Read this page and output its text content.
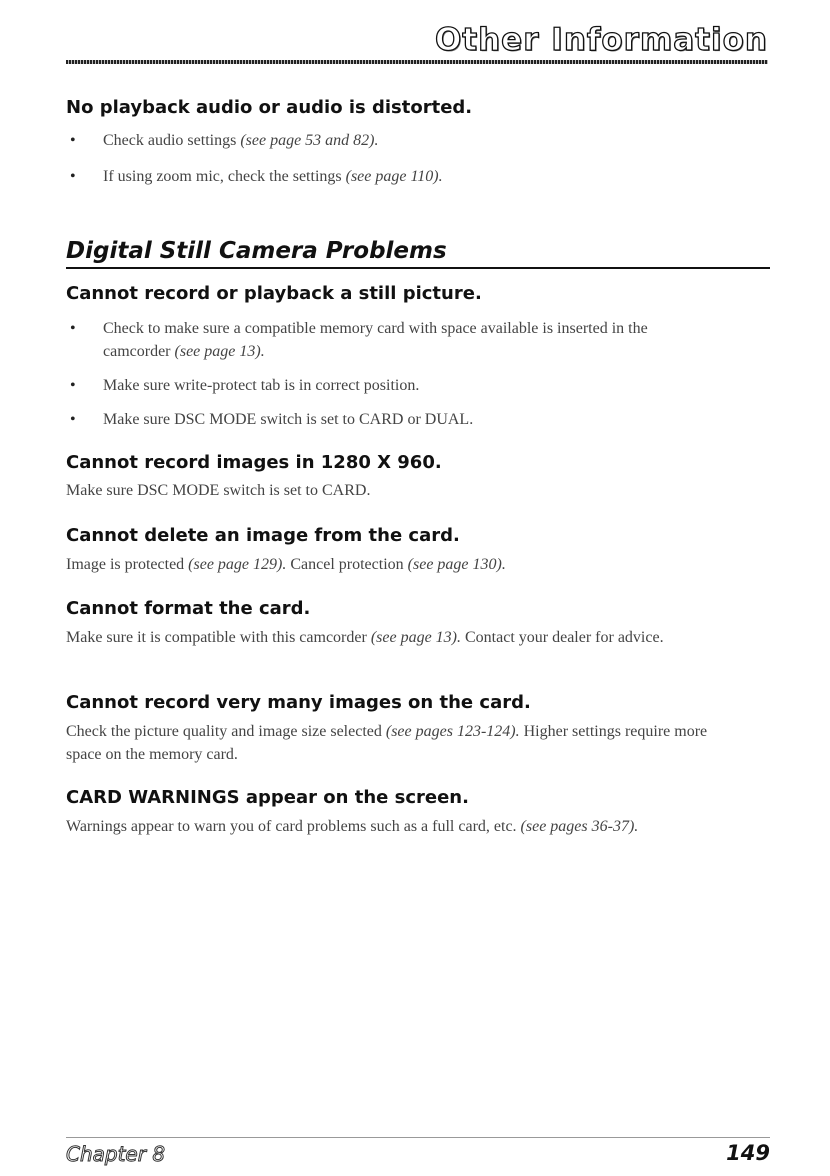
Other Information
No playback audio or audio is distorted.
• Check audio settings (see page 53 and 82).
• If using zoom mic, check the settings (see page 110).
Digital Still Camera Problems
Cannot record or playback a still picture.
• Check to make sure a compatible memory card with space available is inserted in the camcorder (see page 13).
• Make sure write-protect tab is in correct position.
• Make sure DSC MODE switch is set to CARD or DUAL.
Cannot record images in 1280 X 960.

Make sure DSC MODE switch is set to CARD.

Cannot delete an image from the card.

Image is protected (see page 129). Cancel protection (see page 130).

Cannot format the card.

Make sure it is compatible with this camcorder (see page 13). Contact your dealer for advice.

Cannot record very many images on the card.

Check the picture quality and image size selected (see pages 123-124). Higher settings require more space on the memory card.

CARD WARNINGS appear on the screen.

Warnings appear to warn you of card problems such as a full card, etc. (see pages 36-37).

Chapter 8	149
